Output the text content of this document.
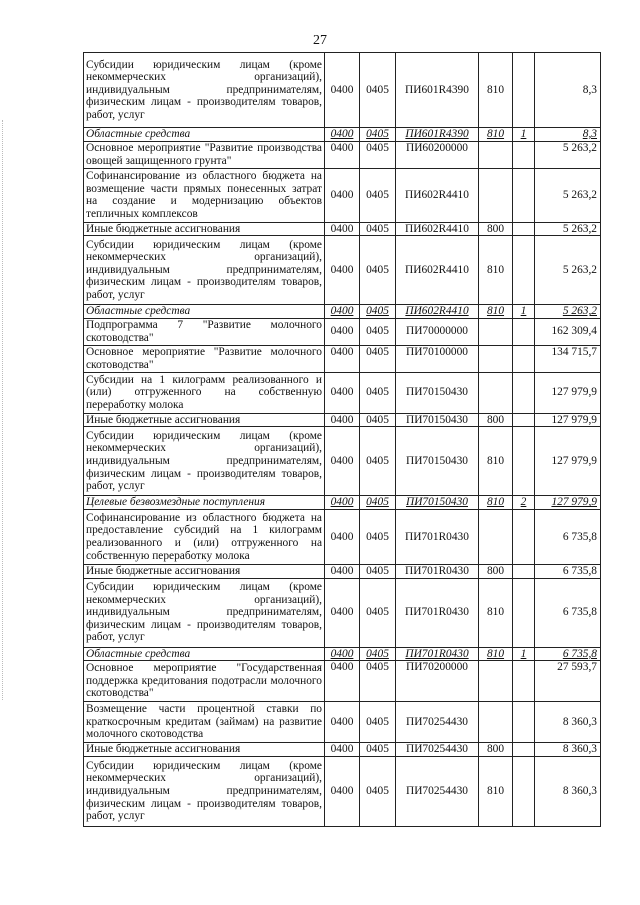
27
Субсидии юридическим лицам (кроме некоммерческих организаций), индивидуальным предпринимателям, физическим лицам - производителям товаров, работ, услуг	0400	0405	ПИ601R4390	810		8,3
Областные средства	0400	0405	ПИ601R4390	810	1	8,3
Основное мероприятие "Развитие производства овощей защищенного грунта"	0400	0405	ПИ60200000			5 263,2
Софинансирование из областного бюджета на возмещение части прямых понесенных затрат на создание и модернизацию объектов тепличных комплексов	0400	0405	ПИ602R4410			5 263,2
Иные бюджетные ассигнования	0400	0405	ПИ602R4410	800		5 263,2
Субсидии юридическим лицам (кроме некоммерческих организаций), индивидуальным предпринимателям, физическим лицам - производителям товаров, работ, услуг	0400	0405	ПИ602R4410	810		5 263,2
Областные средства	0400	0405	ПИ602R4410	810	1	5 263,2
Подпрограмма 7 "Развитие молочного скотоводства"	0400	0405	ПИ70000000			162 309,4
Основное мероприятие "Развитие молочного скотоводства"	0400	0405	ПИ70100000			134 715,7
Субсидии на 1 килограмм реализованного и (или) отгруженного на собственную переработку молока	0400	0405	ПИ70150430			127 979,9
Иные бюджетные ассигнования	0400	0405	ПИ70150430	800		127 979,9
Субсидии юридическим лицам (кроме некоммерческих организаций), индивидуальным предпринимателям, физическим лицам - производителям товаров, работ, услуг	0400	0405	ПИ70150430	810		127 979,9
Целевые безвозмездные поступления	0400	0405	ПИ70150430	810	2	127 979,9
Софинансирование из областного бюджета на предоставление субсидий на 1 килограмм реализованного и (или) отгруженного на собственную переработку молока	0400	0405	ПИ701R0430			6 735,8
Иные бюджетные ассигнования	0400	0405	ПИ701R0430	800		6 735,8
Субсидии юридическим лицам (кроме некоммерческих организаций), индивидуальным предпринимателям, физическим лицам - производителям товаров, работ, услуг	0400	0405	ПИ701R0430	810		6 735,8
Областные средства	0400	0405	ПИ701R0430	810	1	6 735,8
Основное мероприятие "Государственная поддержка кредитования подотрасли молочного скотоводства"	0400	0405	ПИ70200000			27 593,7
Возмещение части процентной ставки по краткосрочным кредитам (займам) на развитие молочного скотоводства	0400	0405	ПИ70254430			8 360,3
Иные бюджетные ассигнования	0400	0405	ПИ70254430	800		8 360,3
Субсидии юридическим лицам (кроме некоммерческих организаций), индивидуальным предпринимателям, физическим лицам - производителям товаров, работ, услуг	0400	0405	ПИ70254430	810		8 360,3
